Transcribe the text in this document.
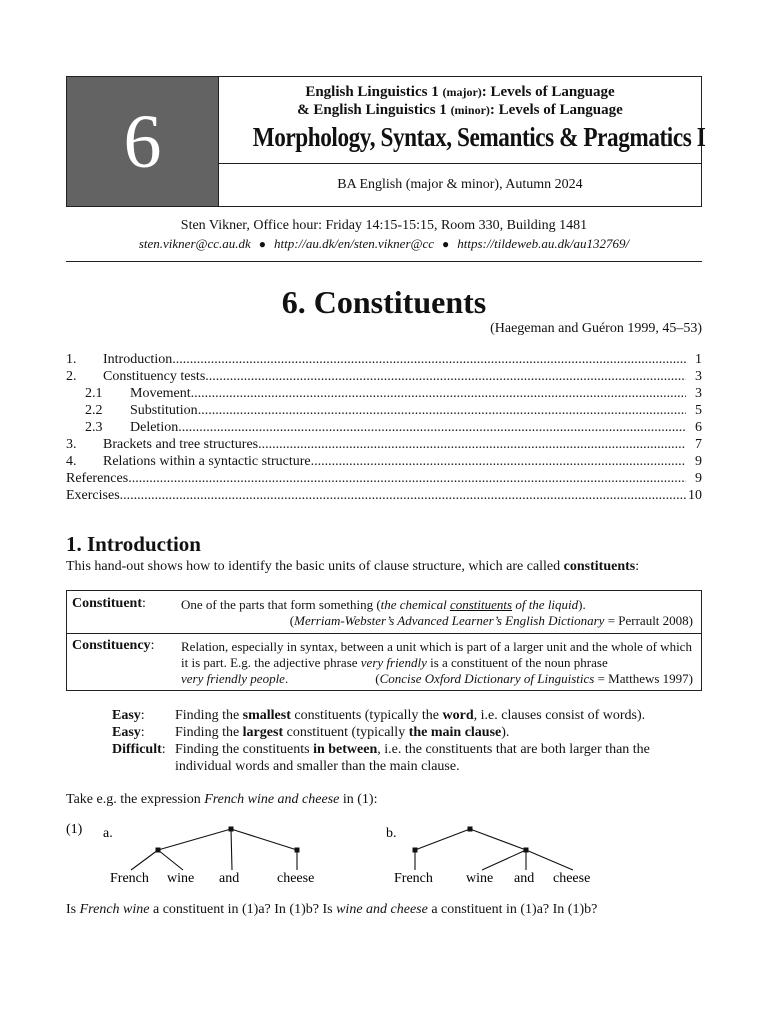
6
English Linguistics 1 (major): Levels of Language
& English Linguistics 1 (minor): Levels of Language
Morphology, Syntax, Semantics & Pragmatics I
BA English (major & minor), Autumn 2024
Sten Vikner, Office hour: Friday 14:15-15:15, Room 330, Building 1481
sten.vikner@cc.au.dk ● http://au.dk/en/sten.vikner@cc ● https://tildeweb.au.dk/au132769/
6. Constituents
(Haegeman and Guéron 1999, 45–53)
1. Introduction .....	1
2. Constituency tests .....	3
2.1 Movement .....	3
2.2 Substitution .....	5
2.3 Deletion .....	6
3. Brackets and tree structures .....	7
4. Relations within a syntactic structure .....	9
References .....	9
Exercises .....	10
1. Introduction
This hand-out shows how to identify the basic units of clause structure, which are called constituents:
Constituent:	One of the parts that form something (the chemical constituents of the liquid).
(Merriam-Webster’s Advanced Learner’s English Dictionary = Perrault 2008)
Constituency: Relation, especially in syntax, between a unit which is part of a larger unit and the whole of which it is part. E.g. the adjective phrase very friendly is a constituent of the noun phrase
very friendly people.	(Concise Oxford Dictionary of Linguistics = Matthews 1997)
Easy: Finding the smallest constituents (typically the word, i.e. clauses consist of words).
Easy: Finding the largest constituent (typically the main clause).
Difficult: Finding the constituents in between, i.e. the constituents that are both larger than the
individual words and smaller than the main clause.
Take e.g. the expression French wine and cheese in (1):
(1) a.	b.
French wine and	cheese	French wine and cheese
Is French wine a constituent in (1)a? In (1)b? Is wine and cheese a constituent in (1)a? In (1)b?
